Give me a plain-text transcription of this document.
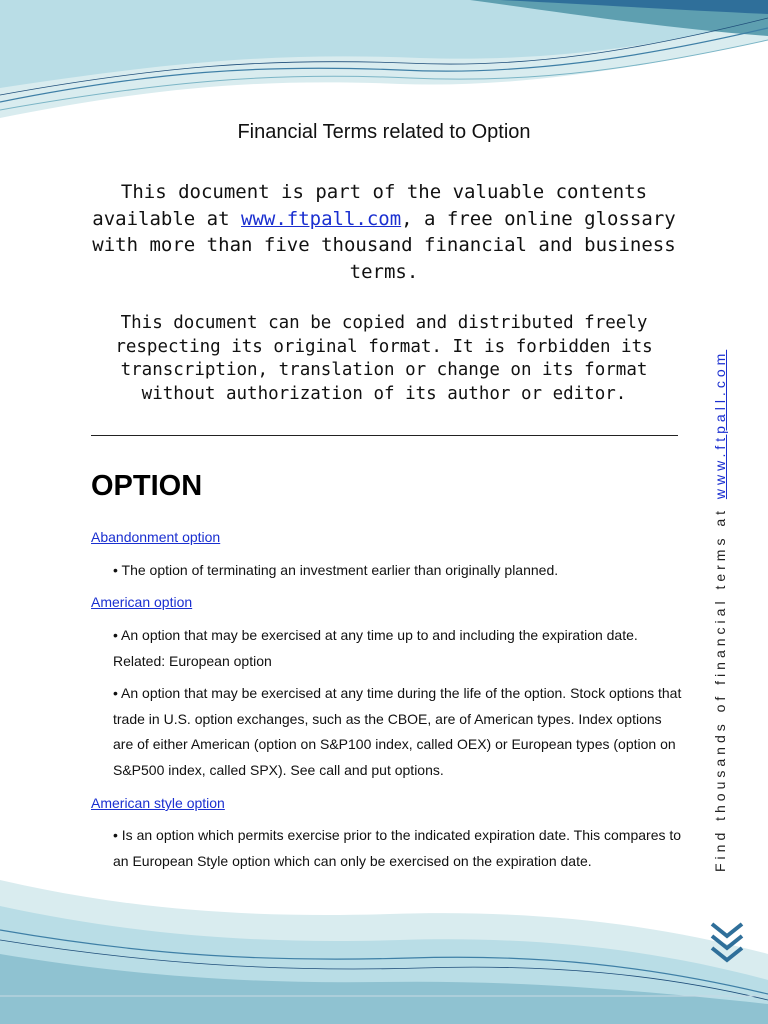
Financial Terms related to Option
This document is part of the valuable contents available at www.ftpall.com, a free online glossary with more than five thousand financial and business terms.
This document can be copied and distributed freely respecting its original format. It is forbidden its transcription, translation or change on its format without authorization of its author or editor.
OPTION
Abandonment option
• The option of terminating an investment earlier than originally planned.
American option
• An option that may be exercised at any time up to and including the expiration date. Related: European option
• An option that may be exercised at any time during the life of the option. Stock options that trade in U.S. option exchanges, such as the CBOE, are of American types. Index options are of either American (option on S&P100 index, called OEX) or European types (option on S&P500 index, called SPX). See call and put options.
American style option
• Is an option which permits exercise prior to the indicated expiration date. This compares to an European Style option which can only be exercised on the expiration date.	Find thousands of financial terms at www.ftpall.com
